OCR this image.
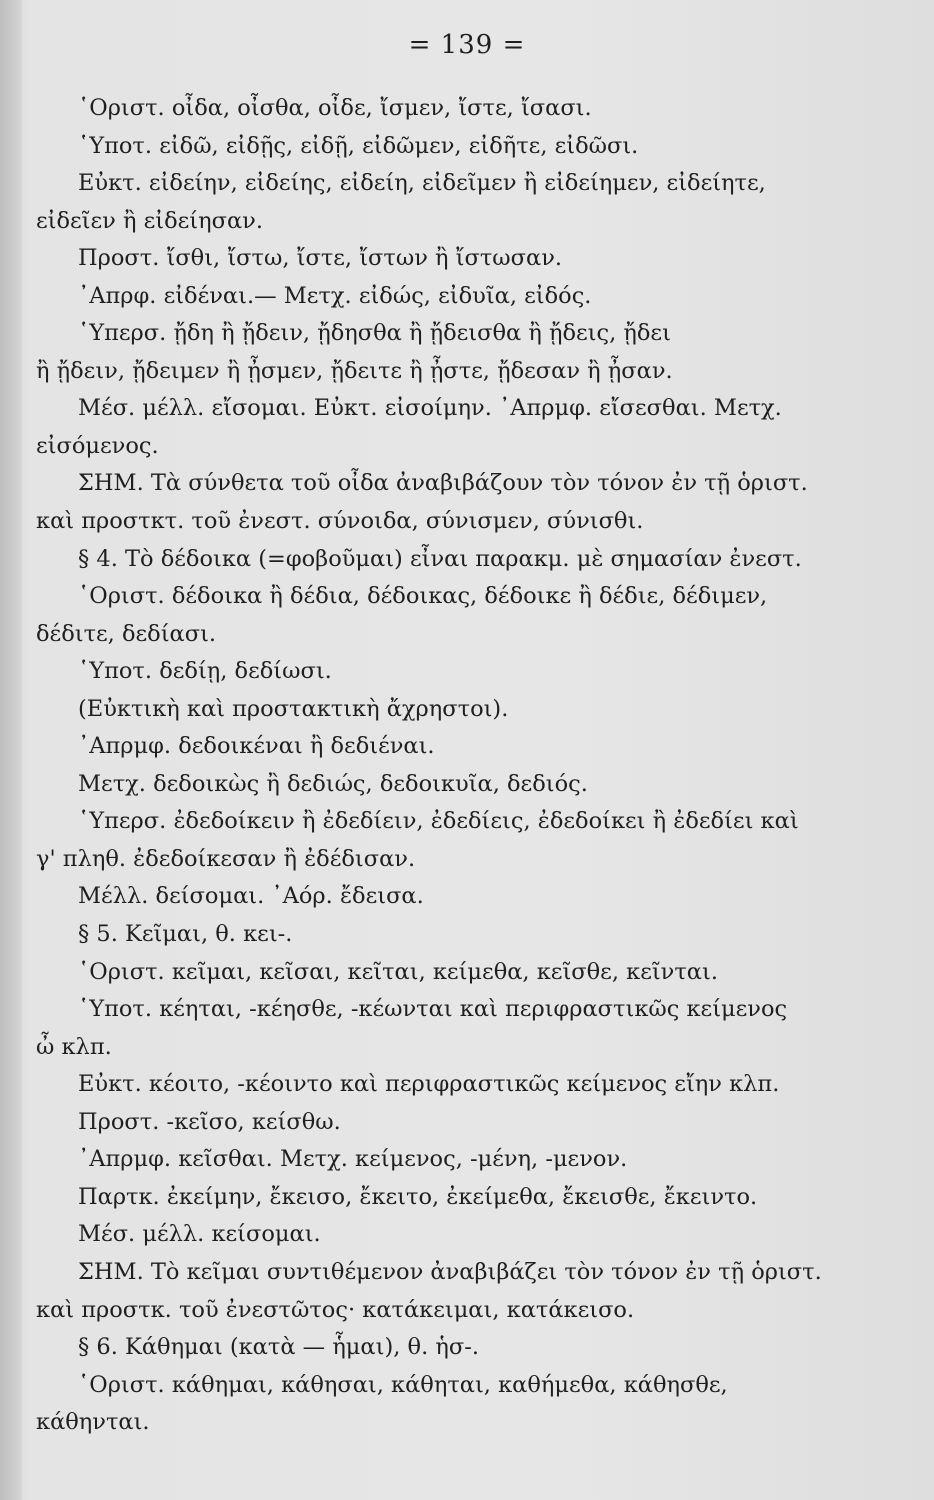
= 139 =
῾Οριστ. οἶδα, οἶσθα, οἶδε, ἴσμεν, ἴστε, ἴσασι.
῾Υποτ. εἰδῶ, εἰδῇς, εἰδῇ, εἰδῶμεν, εἰδῆτε, εἰδῶσι.
Εὐκτ. εἰδείην, εἰδείης, εἰδείη, εἰδεῖμεν ἢ εἰδείημεν, εἰδείητε,
εἰδεῖεν ἢ εἰδείησαν.
Προστ. ἴσθι, ἴστω, ἴστε, ἴστων ἢ ἴστωσαν.
᾿Απρφ. εἰδέναι.— Μετχ. εἰδώς, εἰδυῖα, εἰδός.
῾Υπερσ. ᾔδη ἢ ᾔδειν, ᾔδησθα ἢ ᾔδεισθα ἢ ᾔδεις, ᾔδει
ἢ ᾔδειν, ᾔδειμεν ἢ ᾖσμεν, ᾔδειτε ἢ ᾖστε, ᾔδεσαν ἢ ᾖσαν.
Μέσ. μέλλ. εἴσομαι. Εὐκτ. εἰσοίμην. ᾿Απρμφ. εἴσεσθαι. Μετχ.
εἰσόμενος.
ΣΗΜ. Τὰ σύνθετα τοῦ οἶδα ἀναβιβάζουν τὸν τόνον ἐν τῇ ὁριστ.
καὶ προστκτ. τοῦ ἐνεστ. σύνοιδα, σύνισμεν, σύνισθι.
§ 4. Τὸ δέδοικα (=φοβοῦμαι) εἶναι παρακμ. μὲ σημασίαν ἐνεστ.
῾Οριστ. δέδοικα ἢ δέδια, δέδοικας, δέδοικε ἢ δέδιε, δέδιμεν,
δέδιτε, δεδίασι.
῾Υποτ. δεδίῃ, δεδίωσι.
(Εὐκτικὴ καὶ προστακτικὴ ἄχρηστοι).
᾿Απρμφ. δεδοικέναι ἢ δεδιέναι.
Μετχ. δεδοικὼς ἢ δεδιώς, δεδοικυῖα, δεδιός.
῾Υπερσ. ἐδεδοίκειν ἢ ἐδεδίειν, ἐδεδίεις, ἐδεδοίκει ἢ ἐδεδίει καὶ
γ' πληθ. ἐδεδοίκεσαν ἢ ἐδέδισαν.
Μέλλ. δείσομαι. ᾿Αόρ. ἔδεισα.
§ 5. Κεῖμαι, θ. κει-.
῾Οριστ. κεῖμαι, κεῖσαι, κεῖται, κείμεθα, κεῖσθε, κεῖνται.
῾Υποτ. κέηται, -κέησθε, -κέωνται καὶ περιφραστικῶς κείμενος
ὦ κλπ.
Εὐκτ. κέοιτο, -κέοιντο καὶ περιφραστικῶς κείμενος εἴην κλπ.
Προστ. -κεῖσο, κείσθω.
᾿Απρμφ. κεῖσθαι. Μετχ. κείμενος, -μένη, -μενον.
Παρτκ. ἐκείμην, ἔκεισο, ἔκειτο, ἐκείμεθα, ἔκεισθε, ἔκειντο.
Μέσ. μέλλ. κείσομαι.
ΣΗΜ. Τὸ κεῖμαι συντιθέμενον ἀναβιβάζει τὸν τόνον ἐν τῇ ὁριστ.
καὶ προστκ. τοῦ ἐνεστῶτος· κατάκειμαι, κατάκεισο.
§ 6. Κάθημαι (κατὰ — ἧμαι), θ. ἡσ-.
῾Οριστ. κάθημαι, κάθησαι, κάθηται, καθήμεθα, κάθησθε,
κάθηνται.
